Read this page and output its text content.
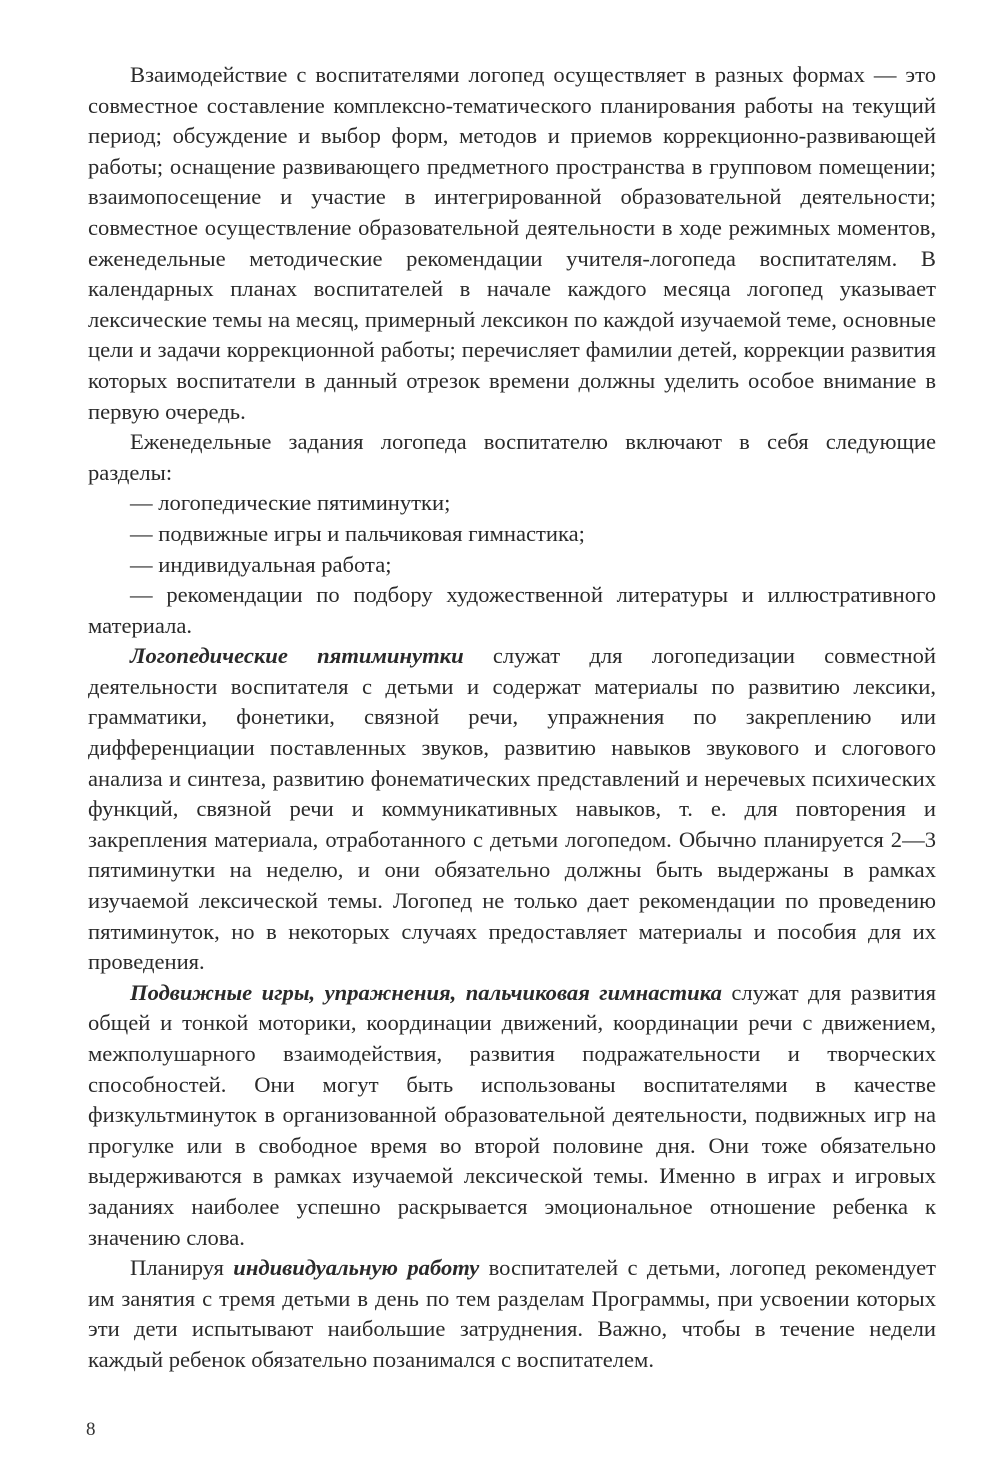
Взаимодействие с воспитателями логопед осуществляет в разных формах — это совместное составление комплексно-тематического планирования работы на текущий период; обсуждение и выбор форм, методов и приемов коррекционно-развивающей работы; оснащение развивающего предметного пространства в групповом помещении; взаимопосещение и участие в интегрированной образовательной деятельности; совместное осуществление образовательной деятельности в ходе режимных моментов, еженедельные методические рекомендации учителя-логопеда воспитателям. В календарных планах воспитателей в начале каждого месяца логопед указывает лексические темы на месяц, примерный лексикон по каждой изучаемой теме, основные цели и задачи коррекционной работы; перечисляет фамилии детей, коррекции развития которых воспитатели в данный отрезок времени должны уделить особое внимание в первую очередь.

Еженедельные задания логопеда воспитателю включают в себя следующие разделы:

— логопедические пятиминутки;

— подвижные игры и пальчиковая гимнастика;

— индивидуальная работа;

— рекомендации по подбору художественной литературы и иллюстративного материала.

Логопедические пятиминутки служат для логопедизации совместной деятельности воспитателя с детьми и содержат материалы по развитию лексики, грамматики, фонетики, связной речи, упражнения по закреплению или дифференциации поставленных звуков, развитию навыков звукового и слогового анализа и синтеза, развитию фонематических представлений и неречевых психических функций, связной речи и коммуникативных навыков, т. е. для повторения и закрепления материала, отработанного с детьми логопедом. Обычно планируется 2—3 пятиминутки на неделю, и они обязательно должны быть выдержаны в рамках изучаемой лексической темы. Логопед не только дает рекомендации по проведению пятиминуток, но в некоторых случаях предоставляет материалы и пособия для их проведения.

Подвижные игры, упражнения, пальчиковая гимнастика служат для развития общей и тонкой моторики, координации движений, координации речи с движением, межполушарного взаимодействия, развития подражательности и творческих способностей. Они могут быть использованы воспитателями в качестве физкультминуток в организованной образовательной деятельности, подвижных игр на прогулке или в свободное время во второй половине дня. Они тоже обязательно выдерживаются в рамках изучаемой лексической темы. Именно в играх и игровых заданиях наиболее успешно раскрывается эмоциональное отношение ребенка к значению слова.

Планируя индивидуальную работу воспитателей с детьми, логопед рекомендует им занятия с тремя детьми в день по тем разделам Программы, при усвоении которых эти дети испытывают наибольшие затруднения. Важно, чтобы в течение недели каждый ребенок обязательно позанимался с воспитателем.

8
